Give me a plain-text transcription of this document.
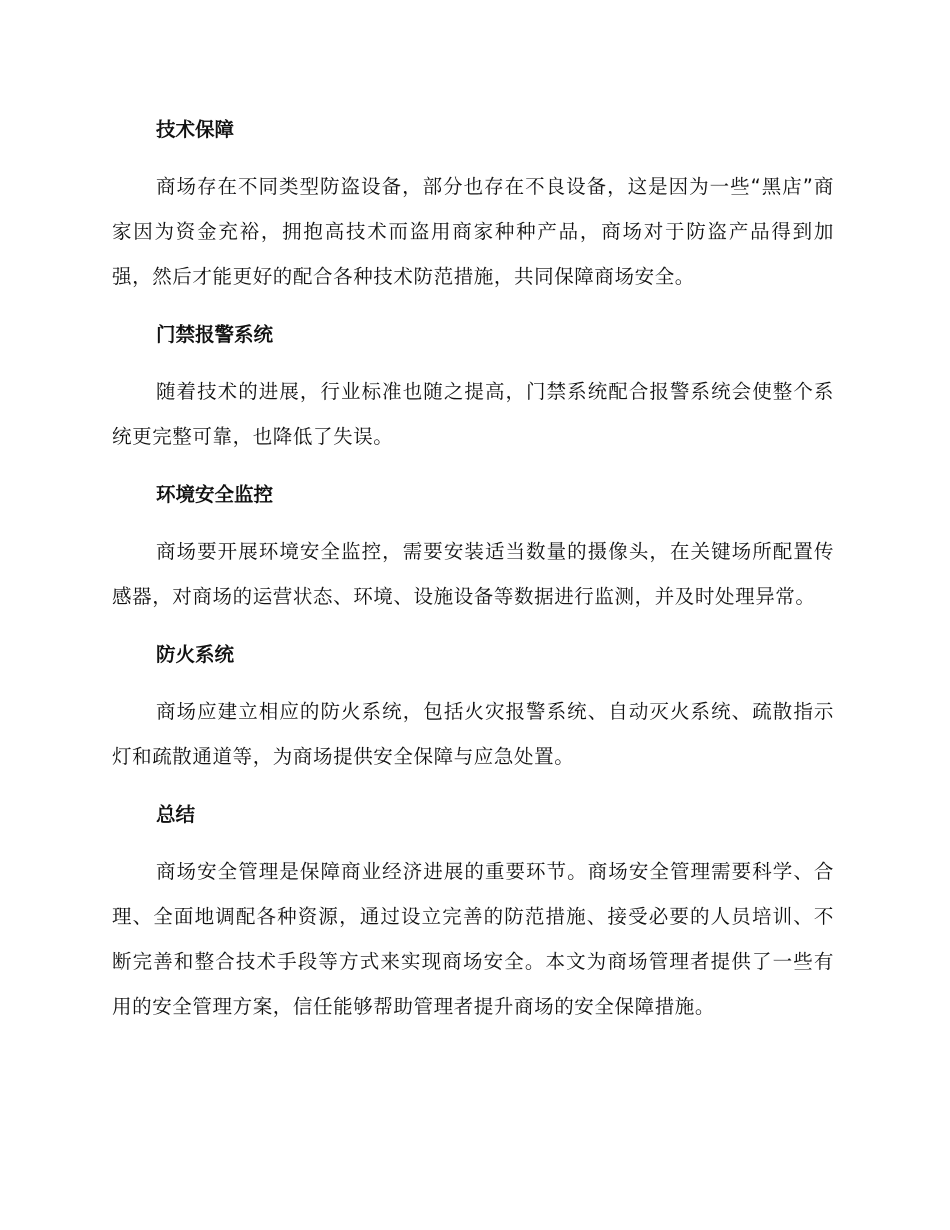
技术保障

商场存在不同类型防盗设备，部分也存在不良设备，这是因为一些“黑店”商家因为资金充裕，拥抱高技术而盗用商家种种产品，商场对于防盗产品得到加强，然后才能更好的配合各种技术防范措施，共同保障商场安全。

门禁报警系统

随着技术的进展，行业标准也随之提高，门禁系统配合报警系统会使整个系统更完整可靠，也降低了失误。

环境安全监控

商场要开展环境安全监控，需要安装适当数量的摄像头，在关键场所配置传感器，对商场的运营状态、环境、设施设备等数据进行监测，并及时处理异常。

防火系统

商场应建立相应的防火系统，包括火灾报警系统、自动灭火系统、疏散指示灯和疏散通道等，为商场提供安全保障与应急处置。

总结

商场安全管理是保障商业经济进展的重要环节。商场安全管理需要科学、合理、全面地调配各种资源，通过设立完善的防范措施、接受必要的人员培训、不断完善和整合技术手段等方式来实现商场安全。本文为商场管理者提供了一些有用的安全管理方案，信任能够帮助管理者提升商场的安全保障措施。
